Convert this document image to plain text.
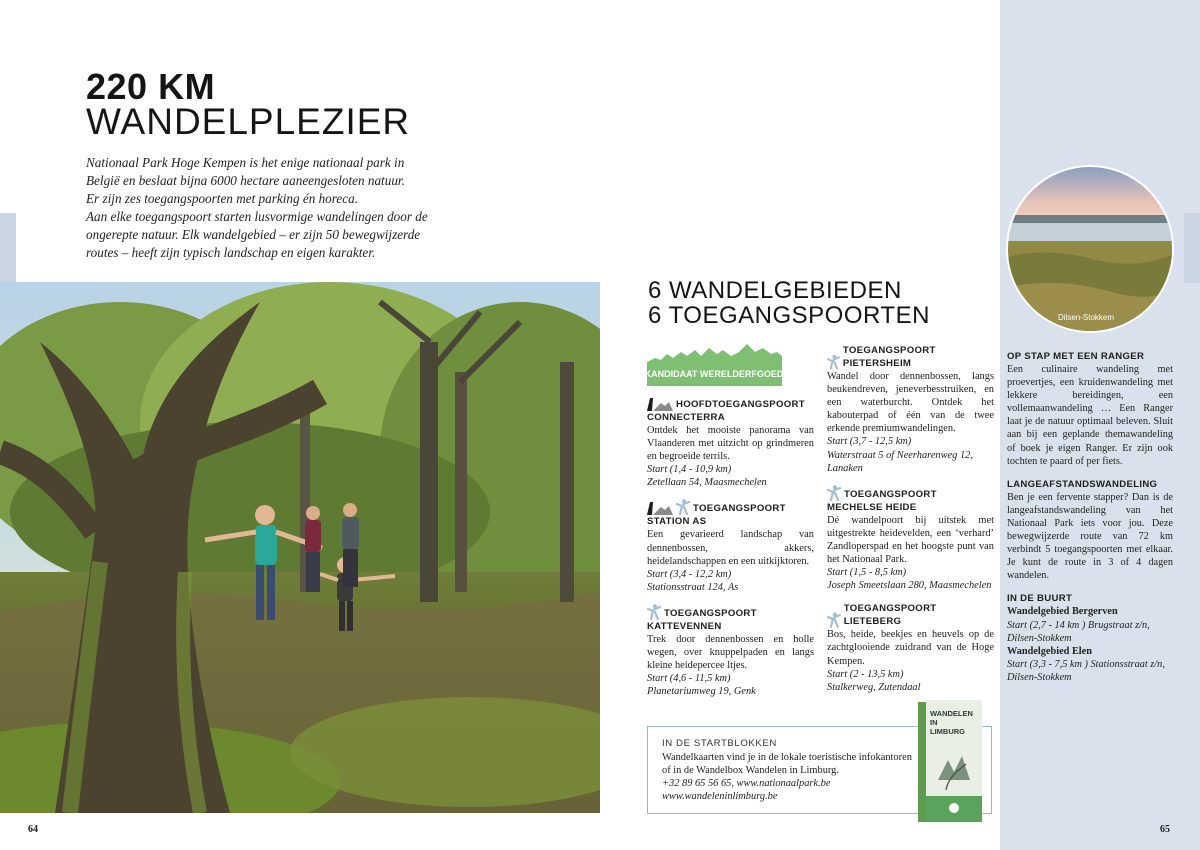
220 KM
WANDELPLEZIER
Nationaal Park Hoge Kempen is het enige nationaal park in
België en beslaat bijna 6000 hectare aaneengesloten natuur.
Er zijn zes toegangspoorten met parking én horeca.
Aan elke toegangspoort starten lusvormige wandelingen door de
ongerepte natuur. Elk wandelgebied – er zijn 50 bewegwijzerde
routes – heeft zijn typisch landschap en eigen karakter.
64
6 WANDELGEBIEDEN
6 TOEGANGSPOORTEN
KANDIDAAT WERELDERFGOED
HOOFDTOEGANGSPOORT
CONNECTERRA

Ontdek het mooiste panorama van Vlaanderen met uitzicht op grindmeren en begroeide terrils.

Start (1,4 - 10,9 km)

Zetellaan 54, Maasmechelen

TOEGANGSPOORT
STATION AS

Een gevarieerd landschap van dennenbossen, akkers, heidelandschappen en een uitkijktoren.

Start (3,4 - 12,2 km)

Stationsstraat 124, As

TOEGANGSPOORT
KATTEVENNEN

Trek door dennenbossen en holle wegen, over knuppelpaden en langs kleine heidepercee ltjes.

Start (4,6 - 11,5 km)

Planetariumweg 19, Genk

TOEGANGSPOORT PIETERSHEIM

Wandel door dennenbossen, langs beukendreven, jeneverbesstruiken, en een waterburcht. Ontdek het kabouterpad of één van de twee erkende premiumwandelingen.

Start (3,7 - 12,5 km)

Waterstraat 5 of Neerharenweg 12, Lanaken

TOEGANGSPOORT
MECHELSE HEIDE

Dé wandelpoort bij uitstek met uitgestrekte heidevelden, een ‘verhard’ Zandloperspad en het hoogste punt van het Nationaal Park.

Start (1,5 - 8,5 km)

Joseph Smeetslaan 280, Maasmechelen

TOEGANGSPOORT LIETEBERG

Bos, heide, beekjes en heuvels op de zachtglooiende zuidrand van de Hoge Kempen.

Start (2 - 13,5 km)

Stalkerweg, Zutendaal

IN DE STARTBLOKKEN
Wandelkaarten vind je in de lokale toeristische infokantoren of in de Wandelbox Wandelen in Limburg.
+32 89 65 56 65, www.nationaalpark.be
www.wandeleninlimburg.be
WANDELEN
IN
LIMBURG
Dilsen-Stokkem
OP STAP MET EEN RANGER

Een culinaire wandeling met proevertjes, een kruidenwandeling met lekkere bereidingen, een vollemaanwandeling … Een Ranger laat je de natuur optimaal beleven. Sluit aan bij een geplande themawandeling of boek je eigen Ranger. Er zijn ook tochten te paard of per fiets.

LANGEAFSTANDSWANDELING

Ben je een fervente stapper? Dan is de langeafstandswandeling van het Nationaal Park iets voor jou. Deze bewegwijzerde route van 72 km verbindt 5 toegangspoorten met elkaar. Je kunt de route in 3 of 4 dagen wandelen.

IN DE BUURT

Wandelgebied Bergerven

Start (2,7 - 14 km ) Brugstraat z/n, Dilsen-Stokkem

Wandelgebied Elen

Start (3,3 - 7,5 km ) Stationsstraat z/n, Dilsen-Stokkem

65
